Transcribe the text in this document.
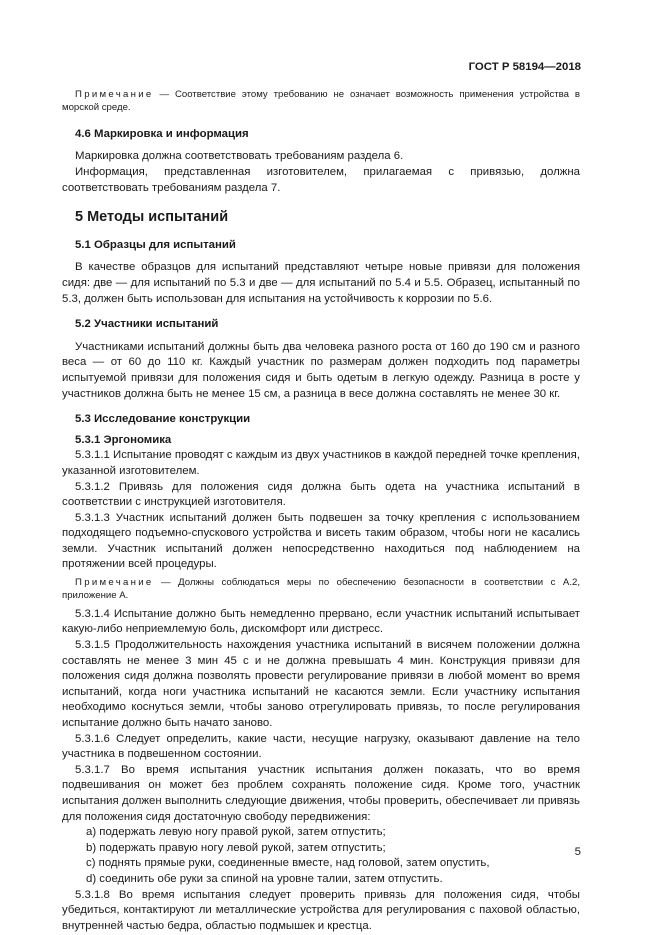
ГОСТ Р 58194—2018

Примечание — Соответствие этому требованию не означает возможность применения устройства в морской среде.

4.6 Маркировка и информация

Маркировка должна соответствовать требованиям раздела 6.

Информация, представленная изготовителем, прилагаемая с привязью, должна соответствовать требованиям раздела 7.

5 Методы испытаний
5.1 Образцы для испытаний

В качестве образцов для испытаний представляют четыре новые привязи для положения сидя: две — для испытаний по 5.3 и две — для испытаний по 5.4 и 5.5. Образец, испытанный по 5.3, должен быть использован для испытания на устойчивость к коррозии по 5.6.

5.2 Участники испытаний

Участниками испытаний должны быть два человека разного роста от 160 до 190 см и разного веса — от 60 до 110 кг. Каждый участник по размерам должен подходить под параметры испытуемой привязи для положения сидя и быть одетым в легкую одежду. Разница в росте у участников должна быть не менее 15 см, а разница в весе должна составлять не менее 30 кг.

5.3 Исследование конструкции
5.3.1 Эргономика

5.3.1.1 Испытание проводят с каждым из двух участников в каждой передней точке крепления, указанной изготовителем.

5.3.1.2 Привязь для положения сидя должна быть одета на участника испытаний в соответствии с инструкцией изготовителя.

5.3.1.3 Участник испытаний должен быть подвешен за точку крепления с использованием подходящего подъемно-спускового устройства и висеть таким образом, чтобы ноги не касались земли. Участник испытаний должен непосредственно находиться под наблюдением на протяжении всей процедуры.

Примечание — Должны соблюдаться меры по обеспечению безопасности в соответствии с А.2, приложение А.

5.3.1.4 Испытание должно быть немедленно прервано, если участник испытаний испытывает какую-либо неприемлемую боль, дискомфорт или дистресс.

5.3.1.5 Продолжительность нахождения участника испытаний в висячем положении должна составлять не менее 3 мин 45 с и не должна превышать 4 мин. Конструкция привязи для положения сидя должна позволять провести регулирование привязи в любой момент во время испытаний, когда ноги участника испытаний не касаются земли. Если участнику испытания необходимо коснуться земли, чтобы заново отрегулировать привязь, то после регулирования испытание должно быть начато заново.

5.3.1.6 Следует определить, какие части, несущие нагрузку, оказывают давление на тело участника в подвешенном состоянии.

5.3.1.7 Во время испытания участник испытания должен показать, что во время подвешивания он может без проблем сохранять положение сидя. Кроме того, участник испытания должен выполнить следующие движения, чтобы проверить, обеспечивает ли привязь для положения сидя достаточную свободу передвижения:

a) подержать левую ногу правой рукой, затем отпустить;

b) подержать правую ногу левой рукой, затем отпустить;

c) поднять прямые руки, соединенные вместе, над головой, затем опустить,

d) соединить обе руки за спиной на уровне талии, затем отпустить.

5.3.1.8 Во время испытания следует проверить привязь для положения сидя, чтобы убедиться, контактируют ли металлические устройства для регулирования с паховой областью, внутренней частью бедра, областью подмышек и крестца.

5
